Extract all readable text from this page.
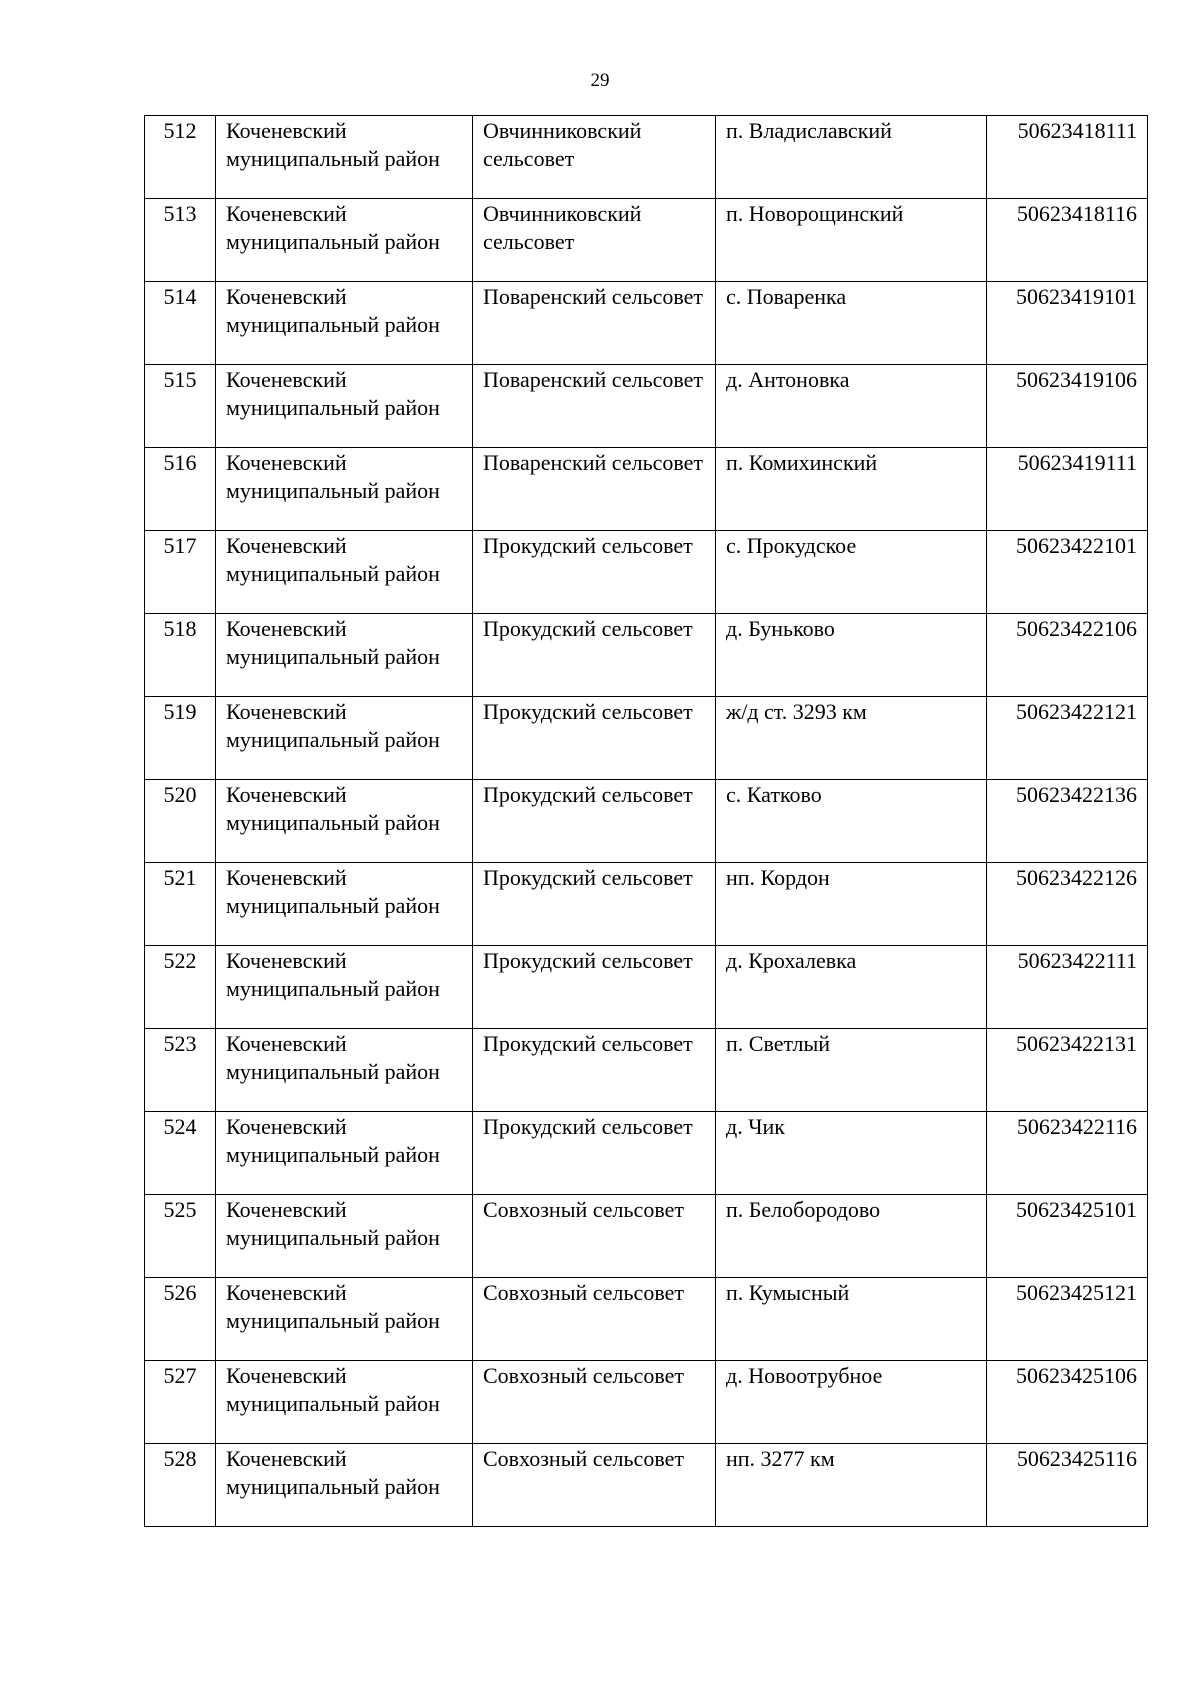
29
512	Коченевский муниципальный район	Овчинниковский сельсовет	п. Владиславский	50623418111
513	Коченевский муниципальный район	Овчинниковский сельсовет	п. Новорощинский	50623418116
514	Коченевский муниципальный район	Поваренский сельсовет	с. Поваренка	50623419101
515	Коченевский муниципальный район	Поваренский сельсовет	д. Антоновка	50623419106
516	Коченевский муниципальный район	Поваренский сельсовет	п. Комихинский	50623419111
517	Коченевский муниципальный район	Прокудский сельсовет	с. Прокудское	50623422101
518	Коченевский муниципальный район	Прокудский сельсовет	д. Буньково	50623422106
519	Коченевский муниципальный район	Прокудский сельсовет	ж/д ст. 3293 км	50623422121
520	Коченевский муниципальный район	Прокудский сельсовет	с. Катково	50623422136
521	Коченевский муниципальный район	Прокудский сельсовет	нп. Кордон	50623422126
522	Коченевский муниципальный район	Прокудский сельсовет	д. Крохалевка	50623422111
523	Коченевский муниципальный район	Прокудский сельсовет	п. Светлый	50623422131
524	Коченевский муниципальный район	Прокудский сельсовет	д. Чик	50623422116
525	Коченевский муниципальный район	Совхозный сельсовет	п. Белобородово	50623425101
526	Коченевский муниципальный район	Совхозный сельсовет	п. Кумысный	50623425121
527	Коченевский муниципальный район	Совхозный сельсовет	д. Новоотрубное	50623425106
528	Коченевский муниципальный район	Совхозный сельсовет	нп. 3277 км	50623425116
